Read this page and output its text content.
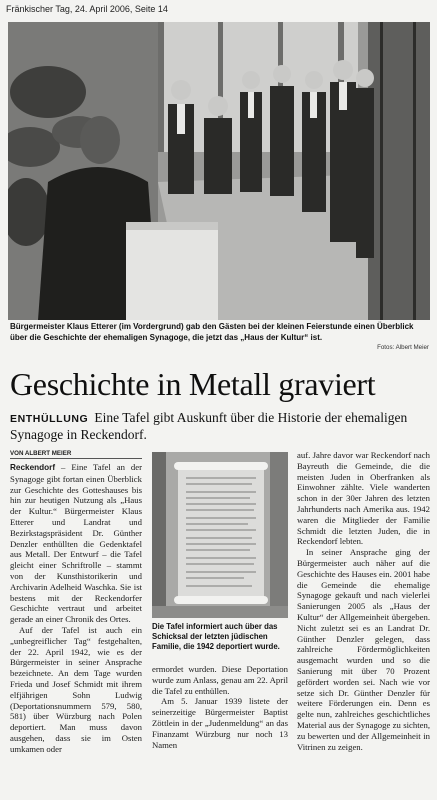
Fränkischer Tag, 24. April 2006, Seite 14
Bürgermeister Klaus Etterer (im Vordergrund) gab den Gästen bei der kleinen Feierstunde einen Überblick über die Geschichte der ehemaligen Synagoge, die jetzt das „Haus der Kultur“ ist.
Fotos: Albert Meier
Geschichte in Metall graviert
ENTHÜLLUNG Eine Tafel gibt Auskunft über die Historie der ehemaligen Synagoge in Reckendorf.
VON ALBERT MEIER

Reckendorf – Eine Tafel an der Synagoge gibt fortan einen Überblick zur Geschichte des Gotteshauses bis hin zur heutigen Nutzung als „Haus der Kultur.“ Bürgermeister Klaus Etterer und Landrat und Bezirkstagspräsident Dr. Günther Denzler enthüllten die Gedenktafel aus Metall. Der Entwurf – die Tafel gleicht einer Schriftrolle – stammt von der Kunsthistorikerin und Archivarin Adelheid Waschka. Sie ist bestens mit der Reckendorfer Geschichte vertraut und arbeitet gerade an einer Chronik des Ortes.

Auf der Tafel ist auch ein „unbegreiflicher Tag“ festgehalten, der 22. April 1942, wie es der Bürgermeister in seiner Ansprache bezeichnete. An dem Tage wurden Frieda und Josef Schmidt mit ihrem elfjährigen Sohn Ludwig (Deportationsnummern 579, 580, 581) über Würzburg nach Polen deportiert. Man muss davon ausgehen, dass sie im Osten umkamen oder

Die Tafel informiert auch über das Schicksal der letzten jüdischen Familie, die 1942 deportiert wurde.

ermordet wurden. Diese Deportation wurde zum Anlass, genau am 22. April die Tafel zu enthüllen.

Am 5. Januar 1939 listete der seinerzeitige Bürgermeister Baptist Zöttlein in der „Judenmeldung“ an das Finanzamt Würzburg nur noch 13 Namen

auf. Jahre davor war Reckendorf nach Bayreuth die Gemeinde, die die meisten Juden in Oberfranken als Einwohner zählte. Viele wanderten schon in der 30er Jahren des letzten Jahrhunderts nach Amerika aus. 1942 waren die Mitglieder der Familie Schmidt die letzten Juden, die in Reckendorf lebten.

In seiner Ansprache ging der Bürgermeister auch näher auf die Geschichte des Hauses ein. 2001 habe die Gemeinde die ehemalige Synagoge gekauft und nach vielerlei Sanierungen 2005 als „Haus der Kultur“ der Allgemeinheit übergeben. Nicht zuletzt sei es an Landrat Dr. Günther Denzler gelegen, dass zahlreiche Fördermöglichkeiten ausgemacht wurden und so die Sanierung mit über 70 Prozent gefördert worden sei. Nach wie vor setze sich Dr. Günther Denzler für weitere Förderungen ein. Denn es gelte nun, zahlreiches geschichtliches Material aus der Synagoge zu sichten, zu bewerten und der Allgemeinheit in Vitrinen zu zeigen.
